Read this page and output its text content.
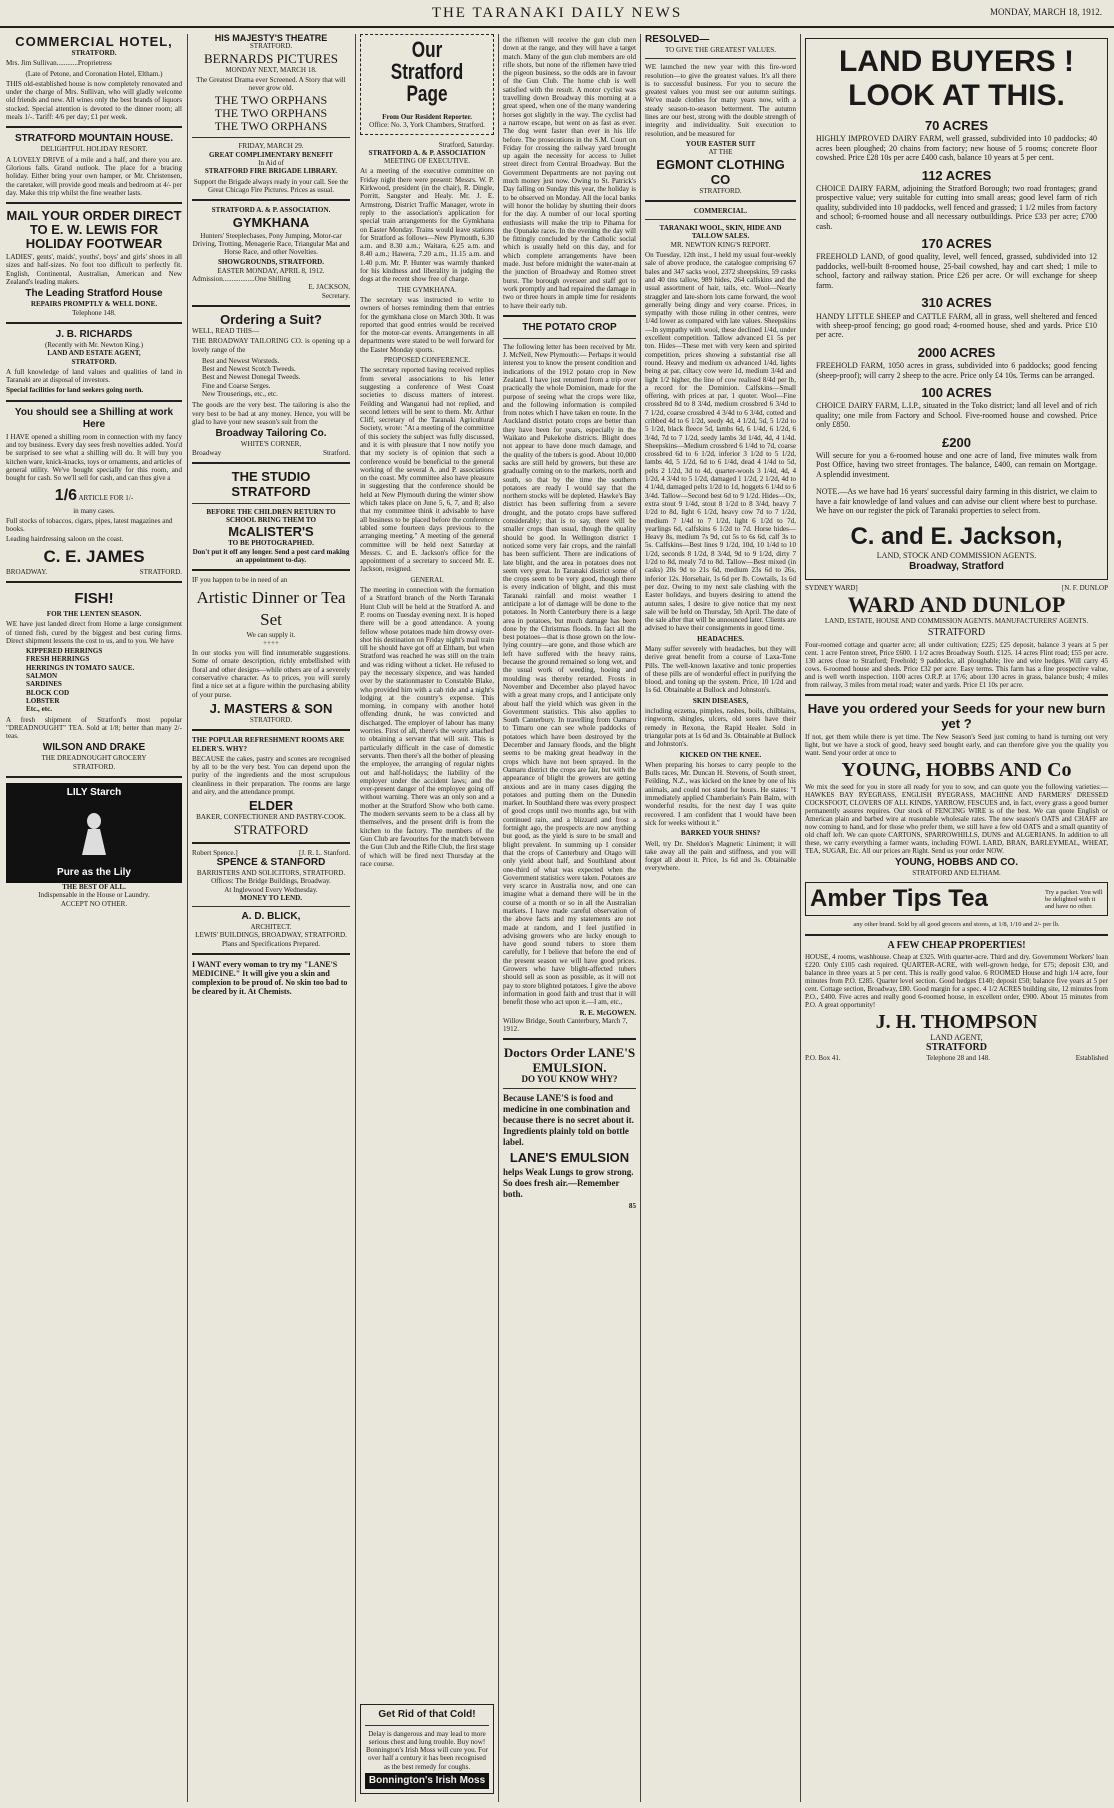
THE TARANAKI DAILY NEWS	MONDAY, MARCH 18, 1912.
COMMERCIAL HOTEL,
STRATFORD.

Mrs. Jim Sullivan............Proprietress

(Late of Petone, and Coronation Hotel, Eltham.)

THIS old-established house is now completely renovated and under the charge of Mrs. Sullivan, who will gladly welcome old friends and new. All wines only the best brands of liquors stocked. Special attention is devoted to the dinner room; all meals 1/-. Tariff: 4/6 per day; £1 per week.

STRATFORD MOUNTAIN HOUSE.
DELIGHTFUL HOLIDAY RESORT.

A LOVELY DRIVE of a mile and a half, and there you are. Glorious falls. Grand outlook. The place for a bracing holiday. Either bring your own hamper, or Mr. Christensen, the caretaker, will provide good meals and bedroom at 4/- per day. Make this trip whilst the fine weather lasts.

MAIL YOUR ORDER DIRECT TO E. W. LEWIS FOR HOLIDAY FOOTWEAR

LADIES', gents', maids', youths', boys' and girls' shoes in all sizes and half-sizes. No foot too difficult to perfectly fit. English, Continental, Australian, American and New Zealand's leading makers.

The Leading Stratford House
REPAIRS PROMPTLY & WELL DONE.
Telephone 148.
J. B. RICHARDS
(Recently with Mr. Newton King.)
LAND AND ESTATE AGENT,
STRATFORD.

A full knowledge of land values and qualities of land in Taranaki are at disposal of investors.

Special facilities for land seekers going north.

You should see a Shilling at work Here

I HAVE opened a shilling room in connection with my fancy and toy business. Every day sees fresh novelties added. You'd be surprised to see what a shilling will do. It will buy you kitchen ware, knick-knacks, toys or ornaments, and articles of general utility. We've bought specially for this room, and bought for cash. So we'll sell for cash, and can thus give a

1/6 ARTICLE FOR 1/-
in many cases.

Full stocks of tobaccos, cigars, pipes, latest magazines and books.

Leading hairdressing saloon on the coast.

C. E. JAMES
BROADWAY.	STRATFORD.
FISH!
FOR THE LENTEN SEASON.

WE have just landed direct from Home a large consignment of tinned fish, cured by the biggest and best curing firms. Direct shipment lessens the cost to us, and to you. We have

KIPPERED HERRINGS
FRESH HERRINGS
HERRINGS IN TOMATO SAUCE.
SALMON
SARDINES
BLOCK COD
LOBSTER
Etc., etc.

A fresh shipment of Stratford's most popular "DREADNOUGHT" TEA. Sold at 1/8; better than many 2/- teas.

WILSON AND DRAKE
THE DREADNOUGHT GROCERY
STRATFORD.
LILY Starch
Pure as the Lily
THE BEST OF ALL.
Indispensable in the House or Laundry.
ACCEPT NO OTHER.
HIS MAJESTY'S THEATRE
STRATFORD.
BERNARDS PICTURES
MONDAY NEXT, MARCH 18.

The Greatest Drama ever Screened. A Story that will never grow old.

THE TWO ORPHANS
THE TWO ORPHANS
THE TWO ORPHANS
FRIDAY, MARCH 29.
GREAT COMPLIMENTARY BENEFIT
In Aid of
STRATFORD FIRE BRIGADE LIBRARY.

Support the Brigade always ready in your call. See the Great Chicago Fire Pictures. Prices as usual.

STRATFORD A. & P. ASSOCIATION.
GYMKHANA

Hunters' Steeplechases, Pony Jumping, Motor-car Driving, Trotting, Menagerie Race, Triangular Mat and Horse Race, and other Novelties.

SHOWGROUNDS, STRATFORD.
EASTER MONDAY, APRIL 8, 1912.
Admission..................One Shilling
E. JACKSON,
Secretary.
Ordering a Suit?
WELL, READ THIS—

THE BROADWAY TAILORING CO. is opening up a lovely range of the

Best and Newest Worsteds.
Best and Newest Scotch Tweeds.
Best and Newest Donegal Tweeds.
Fine and Coarse Serges.
New Trouserings, etc., etc.

The goods are the very best. The tailoring is also the very best to be had at any money. Hence, you will be glad to have your new season's suit from the

Broadway Tailoring Co.
WHITE'S CORNER,
Broadway	Stratford.
THE STUDIO STRATFORD
BEFORE THE CHILDREN RETURN TO SCHOOL BRING THEM TO
McALISTER'S
TO BE PHOTOGRAPHED.
Don't put it off any longer. Send a post card making an appointment to-day.

IF you happen to be in need of an

Artistic Dinner or Tea Set
We can supply it.
++++

In our stocks you will find innumerable suggestions. Some of ornate description, richly embellished with floral and other designs—while others are of a severely conservative character. As to prices, you will surely find a nice set at a figure within the purchasing ability of your purse.

J. MASTERS & SON
STRATFORD.
THE POPULAR REFRESHMENT ROOMS ARE ELDER'S. WHY?

BECAUSE the cakes, pastry and scones are recognised by all to be the very best. You can depend upon the purity of the ingredients and the most scrupulous cleanliness in their preparation. The rooms are large and airy, and the attendance prompt.

ELDER
BAKER, CONFECTIONER AND PASTRY-COOK.
STRATFORD
Robert Spence.]	[J. R. L. Stanford.
SPENCE & STANFORD
BARRISTERS AND SOLICITORS, STRATFORD.
Offices: The Bridge Buildings, Broadway.
At Inglewood Every Wednesday.
MONEY TO LEND.
A. D. BLICK,
ARCHITECT.
LEWIS' BUILDINGS, BROADWAY, STRATFORD.
Plans and Specifications Prepared.

I WANT every woman to try my "LANE'S MEDICINE." It will give you a skin and complexion to be proud of. No skin too bad to be cleared by it. At Chemists.

Our Stratford Page
From Our Resident Reporter.
Office: No. 3, York Chambers, Stratford.
Stratford, Saturday.
STRATFORD A. & P. ASSOCIATION
MEETING OF EXECUTIVE.

At a meeting of the executive committee on Friday night there were present: Messrs. W. P. Kirkwood, president (in the chair), R. Dingle, Porritt, Sangster and Healy. Mr. J. E. Armstrong, District Traffic Manager, wrote in reply to the association's application for special train arrangements for the Gymkhana on Easter Monday. Trains would leave stations for Stratford as follows—New Plymouth, 6.30 a.m. and 8.30 a.m.; Waitara, 6.25 a.m. and 8.40 a.m.; Hawera, 7.20 a.m., 11.15 a.m. and 1.40 p.m. Mr. P. Hunter was warmly thanked for his kindness and liberality in judging the dogs at the recent show free of charge.

THE GYMKHANA.

The secretary was instructed to write to owners of horses reminding them that entries for the gymkhana close on March 30th. It was reported that good entries would be received for the motor-car events. Arrangements in all departments were stated to be well forward for the Easter Monday sports.

PROPOSED CONFERENCE.

The secretary reported having received replies from several associations to his letter suggesting a conference of West Coast societies to discuss matters of interest. Feilding and Wanganui had not replied, and second letters will be sent to them. Mr. Arthur Cliff, secretary of the Taranaki Agricultural Society, wrote: "At a meeting of the committee of this society the subject was fully discussed, and it is with pleasure that I now notify you that my society is of opinion that such a conference would be beneficial to the general working of the several A. and P. associations on the coast. My committee also have pleasure in suggesting that the conference should be held at New Plymouth during the winter show which takes place on June 5, 6, 7, and 8; also that my committee think it advisable to have all business to be placed before the conference tabled some fourteen days previous to the arranging meeting." A meeting of the general committee will be held next Saturday at Messrs. C. and E. Jackson's office for the appointment of a secretary to succeed Mr. E. Jackson, resigned.

GENERAL

The meeting in connection with the formation of a Stratford branch of the North Taranaki Hunt Club will be held at the Stratford A. and P. rooms on Tuesday evening next. It is hoped there will be a good attendance. A young fellow whose potatoes made him drowsy over-shot his destination on Friday night's mail train till he should have got off at Eltham, but when Stratford was reached he was still on the train and was riding without a ticket. He refused to pay the necessary sixpence, and was handed over by the stationmaster to Constable Blake, who provided him with a cab ride and a night's lodging at the country's expense. This morning, in company with another hotel offending drunk, he was convicted and discharged. The employer of labour has many worries. First of all, there's the worry attached to obtaining a servant that will suit. This is particularly difficult in the case of domestic servants. Then there's all the bother of pleasing the employee, the arranging of regular nights out and half-holidays; the liability of the employer under the accident laws; and the ever-present danger of the employee going off without warning. There was an only son and a mother at the Stratford Show who both came. The modern servants seem to be a class all by themselves, and the present drift is from the kitchen to the factory. The members of the Gun Club are favourites for the match between the Gun Club and the Rifle Club, the first stage of which will be fired next Thursday at the race course.

Get Rid of that Cold!

Delay is dangerous and may lead to more serious chest and lung trouble. Buy now! Bonnington's Irish Moss will cure you. For over half a century it has been recognised as the best remedy for coughs.

Bonnington's Irish Moss

the riflemen will receive the gun club men down at the range, and they will have a target match. Many of the gun club members are old rifle shots, but none of the riflemen have tried the pigeon business, so the odds are in favour of the Gun Club. The home club is well satisfied with the result. A motor cyclist was travelling down Broadway this morning at a great speed, when one of the many wandering horses got slightly in the way. The cyclist had a narrow escape, but went on as fast as ever. The dog went faster than ever in his life before. The prosecutions in the S.M. Court on Friday for crossing the railway yard brought up again the necessity for access to Juliet street direct from Central Broadway. But the Government Departments are not paying out much money just now. Owing to St. Patrick's Day falling on Sunday this year, the holiday is to be observed on Monday. All the local banks will honor the holiday by shutting their doors for the day. A number of our local sporting enthusiasts will make the trip to Pihama for the Opunake races. In the evening the day will be fittingly concluded by the Catholic social which is usually held on this day, and for which complete arrangements have been made. Just before midnight the water-main at the junction of Broadway and Romeo street burst. The borough overseer and staff got to work promptly and had repaired the damage in two or three hours in ample time for residents to have their early tub.

THE POTATO CROP

The following letter has been received by Mr. J. McNeil, New Plymouth:— Perhaps it would interest you to know the present condition and indications of the 1912 potato crop in New Zealand. I have just returned from a trip over practically the whole Dominion, made for the purpose of seeing what the crops were like, and the following information is compiled from notes which I have taken en route. In the Auckland district potato crops are better than they have been for years, especially in the Waikato and Pukekohe districts. Blight does not appear to have done much damage, and the quality of the tubers is good. About 10,000 sacks are still held by growers, but these are gradually coming on to the markets, north and south, so that by the time the southern potatoes are ready I would say that the northern stocks will be depleted. Hawke's Bay district has been suffering from a severe drought, and the potato crops have suffered considerably; that is to say, there will be smaller crops than usual, though the quality should be good. In Wellington district I noticed some very fair crops, and the rainfall has been sufficient. There are indications of late blight, and the area in potatoes does not seem very great. In Taranaki district some of the crops seem to be very good, though there is every indication of blight, and this must Taranaki rainfall and moist weather I anticipate a lot of damage will be done to the potatoes. In North Canterbury there is a large area in potatoes, but much damage has been done by the Christmas floods. In fact all the best potatoes—that is those grown on the low-lying country—are gone, and those which are left have suffered with the heavy rains, because the ground remained so long wet, and the usual work of weeding, hoeing and moulding was thereby retarded. Frosts in November and December also played havoc with a great many crops, and I anticipate only about half the yield which was given in the Government statistics. This also applies to South Canterbury. In travelling from Oamaru to Timaru one can see whole paddocks of potatoes which have been destroyed by the December and January floods, and the blight seems to be making great headway in the crops which have not been sprayed. In the Oamaru district the crops are fair, but with the appearance of blight the growers are getting anxious and are in many cases digging the potatoes and putting them on the Dunedin market. In Southland there was every prospect of good crops until two months ago, but with continued rain, and a blizzard and frost a fortnight ago, the prospects are now anything but good, as the yield is sure to be small and blight prevalent. In summing up I consider that the crops of Canterbury and Otago will only yield about half, and Southland about one-third of what was expected when the Government statistics were taken. Potatoes are very scarce in Australia now, and one can imagine what a demand there will be in the course of a month or so in all the Australian markets. I have made careful observation of the above facts and my statements are not made at random, and I feel justified in advising growers who are lucky enough to have good sound tubers to store them carefully, for I believe that before the end of the present season we will have good prices. Growers who have blight-affected tubers should sell as soon as possible, as it will not pay to store blighted potatoes. I give the above information in good faith and trust that it will benefit those who act upon it.—I am, etc.,

R. E. McGOWEN.
Willow Bridge, South Canterbury, March 7, 1912.
Doctors Order LANE'S EMULSION.
DO YOU KNOW WHY?

Because LANE'S is food and medicine in one combination and because there is no secret about it. Ingredients plainly told on bottle label.

LANE'S EMULSION

helps Weak Lungs to grow strong. So does fresh air.—Remember both.

85
RESOLVED—
TO GIVE THE GREATEST VALUES.

WE launched the new year with this fire-word resolution—to give the greatest values. It's all there is to successful business. For you to secure the greatest values you must see our autumn suitings. We've made clothes for many years now, with a steady season-to-season betterment. The autumn lines are our best, strong with the double strength of integrity and individuality. Suit execution to resolution, and be measured for

YOUR EASTER SUIT
AT THE
EGMONT CLOTHING CO
STRATFORD.
COMMERCIAL.
TARANAKI WOOL, SKIN, HIDE AND TALLOW SALES.
MR. NEWTON KING'S REPORT.

On Tuesday, 12th inst., I held my usual four-weekly sale of above produce, the catalogue comprising 67 bales and 347 sacks wool, 2372 sheepskins, 59 casks and 40 tins tallow, 989 hides, 264 calfskins and the usual assortment of hair, tails, etc. Wool—Nearly straggler and late-shorn lots came forward, the wool generally being dingy and very coarse. Prices, in sympathy with those ruling in other centres, were 1/4d lower as compared with late values. Sheepskins—In sympathy with wool, these declined 1/4d, under excellent competition. Tallow advanced £1 5s per ton. Hides—These met with very keen and spirited competition, prices showing a substantial rise all round. Heavy and medium ox advanced 1/4d, lights being at par, ciltacy cow were 1d, medium 3/4d and light 1/2 higher, the line of cow realised 8/4d per lb, a record for the Dominion. Calfskins—Small offering, with prices at par, 1 quoter. Wool—Fine crossbred 8d to 8 3/4d, medium crossbred 6 3/4d to 7 1/2d, coarse crossbred 4 3/4d to 6 3/4d, cotted and cribbed 4d to 6 1/2d, seedy 4d, 4 1/2d, 5d, 5 1/2d to 5 1/2d, black fleece 5d, lambs 6d, 6 1/4d, 6 1/2d, 6 3/4d, 7d to 7 1/2d, seedy lambs 3d 1/4d, 4d, 4 1/4d. Sheepskins—Medium crossbred 6 1/4d to 7d, coarse crossbred 6d to 6 1/2d, inferior 3 1/2d to 5 1/2d, lambs 4d, 5 1/2d, 6d to 6 1/4d, dead 4 1/4d to 5d, pelts 2 1/2d, 3d to 4d, quarter-wools 3 1/4d, 4d, 4 1/2d, 4 3/4d to 5 1/2d, damaged 1 1/2d, 2 1/2d, 4d to 4 1/4d, damaged pelts 1/2d to 1d, hoggets 6 1/4d to 6 3/4d. Tallow—Second best 6d to 9 1/2d. Hides—Ox, extra stout 9 1/4d, stout 8 1/2d to 8 3/4d, heavy 7 1/2d to 8d, light 6 1/2d, heavy cow 7d to 7 1/2d, medium 7 1/4d to 7 1/2d, light 6 1/2d to 7d, yearlings 6d, calfskins 6 1/2d to 7d. Horse hides—Heavy 8s, medium 7s 9d, cut 5s to 6s 6d, calf 3s to 5s. Calfskins—Best lines 9 1/2d, 10d, 10 1/4d to 10 1/2d, seconds 8 1/2d, 8 3/4d, 9d to 9 1/2d, dirty 7 1/2d to 8d, mealy 7d to 8d. Tallow—Best mixed (in casks) 20s 9d to 21s 6d, medium 23s 6d to 26s, inferior 12s. Horsehair, 1s 6d per lb. Cowtails, 1s 6d per doz. Owing to my next sale clashing with the Easter holidays, and buyers desiring to attend the autumn sales, I desire to give notice that my next sale will be held on Thursday, 5th April. The date of the sale after that will be announced later. Clients are advised to have their consignments in good time.

HEADACHES.

Many suffer severely with headaches, but they will derive great benefit from a course of Laxa-Tone Pills. The well-known laxative and tonic properties of these pills are of wonderful effect in purifying the blood, and toning up the system. Price, 10 1/2d and 1s 6d. Obtainable at Bullock and Johnston's.

SKIN DISEASES,

including eczema, pimples, rashes, boils, chilblains, ringworm, shingles, ulcers, old sores have their remedy in Rexona, the Rapid Healer. Sold in triangular pots at 1s 6d and 3s. Obtainable at Bullock and Johnston's.

KICKED ON THE KNEE.

When preparing his horses to carry people to the Bulls races, Mr. Duncan H. Stevens, of South street, Feilding, N.Z., was kicked on the knee by one of his animals, and could not stand for hours. He states: "I immediately applied Chamberlain's Pain Balm, with wonderful results, for the next day I was quite recovered. I am confident that I would have been sick for weeks without it."

BARKED YOUR SHINS?

Well, try Dr. Sheldon's Magnetic Liniment; it will take away all the pain and stiffness, and you will forget all about it. Price, 1s 6d and 3s. Obtainable everywhere.

LAND BUYERS !
LOOK AT THIS.
70 ACRES

HIGHLY IMPROVED DAIRY FARM, well grassed, subdivided into 10 paddocks; 40 acres been ploughed; 20 chains from factory; new house of 5 rooms; concrete floor cowshed. Price £28 10s per acre £400 cash, balance 10 years at 5 per cent.

112 ACRES

CHOICE DAIRY FARM, adjoining the Stratford Borough; two road frontages; grand prospective value; very suitable for cutting into small areas; good level farm of rich quality, subdivided into 10 paddocks, well fenced and grassed; 1 1/2 miles from factory and school; 6-roomed house and all necessary outbuildings. Price £33 per acre; £700 cash.

170 ACRES

FREEHOLD LAND, of good quality, level, well fenced, grassed, subdivided into 12 paddocks, well-built 8-roomed house, 25-bail cowshed, hay and cart shed; 1 mile to school, factory and railway station. Price £26 per acre. Or will exchange for sheep farm.

310 ACRES

HANDY LITTLE SHEEP and CATTLE FARM, all in grass, well sheltered and fenced with sheep-proof fencing; go good road; 4-roomed house, shed and yards. Price £10 per acre.

2000 ACRES

FREEHOLD FARM, 1050 acres in grass, subdivided into 6 paddocks; good fencing (sheep-proof); will carry 2 sheep to the acre. Price only £4 10s. Terms can be arranged.

100 ACRES

CHOICE DAIRY FARM, L.I.P., situated in the Toko district; land all level and of rich quality; one mile from Factory and School. Five-roomed house and cowshed. Price only £850.

£200

Will secure for you a 6-roomed house and one acre of land, five minutes walk from Post Office, having two street frontages. The balance, £400, can remain on Mortgage. A splendid investment.

NOTE.—As we have had 16 years' successful dairy farming in this district, we claim to have a fair knowledge of land values and can advise our client where best to purchase. We have on our register the pick of Taranaki properties to select from.

C. and E. Jackson,
LAND, STOCK AND COMMISSION AGENTS.
Broadway, Stratford
SYDNEY WARD]	[N. F. DUNLOP
WARD AND DUNLOP
LAND, ESTATE, HOUSE AND COMMISSION AGENTS. MANUFACTURERS' AGENTS.
STRATFORD

Four-roomed cottage and quarter acre; all under cultivation; £225; £25 deposit, balance 3 years at 5 per cent. 1 acre Fenton street, Price £600. 1 1/2 acres Broadway South. £125. 14 acres Flint road; £55 per acre. 130 acres close to Stratford; Freehold; 9 paddocks, all ploughable; live and wire hedges. Will carry 45 cows. 6-roomed house and sheds. Price £32 per acre. Easy terms. This farm has a fine prospective value, and is well worth inspection. 1100 acres O.R.P. at 17/6; about 130 acres in grass, balance bush; 4 miles from railway, 3 miles from metal road; water and yards. Price £1 10s per acre.

Have you ordered your Seeds for your new burn yet ?

If not, get them while there is yet time. The New Season's Seed just coming to hand is turning out very light, but we have a stock of good, heavy seed bought early, and can therefore give you the quality you want. Send your order at once to

YOUNG, HOBBS AND Co

We mix the seed for you in store all ready for you to sow, and can quote you the following varieties:— HAWKES BAY RYEGRASS, ENGLISH RYEGRASS, MACHINE AND FARMERS' DRESSED COCKSFOOT, CLOVERS OF ALL KINDS, YARROW, FESCUES and, in fact, every grass a good burner permanently assures requires. Our stock of FENCING WIRE is of the best. We can quote English or American plain and barbed wire at reasonable wholesale rates. The new season's OATS and CHAFF are now coming to hand, and for those who prefer them, we still have a few old OATS and a small quantity of old chaff left. We can quote CARTONS, SPARROWHILLS, DUNS and ALGERIANS. In addition to all these, we carry everything a farmer wants, including FOWL LARD, BRAN, BARLEYMEAL, WHEAT, TEA, SUGAR, Etc. All our prices are Right. Send us your order NOW.

YOUNG, HOBBS AND CO.
STRATFORD AND ELTHAM.
Amber Tips Tea	Try a packet. You will be delighted with it and have no other.
any other brand. Sold by all good grocers and stores, at 1/8, 1/10 and 2/- per lb.
A FEW CHEAP PROPERTIES!

HOUSE, 4 rooms, washhouse. Cheap at £325. With quarter-acre. Third and dry. Government Workers' loan £220. Only £105 cash required. QUARTER-ACRE, with well-grown hedge, for £75; deposit £30, and balance in three years at 5 per cent. This is really good value. 6 ROOMED House and high 1/4 acre, four minutes from P.O. £285. Quarter level section. Good hedges £140; deposit £50; balance five years at 5 per cent. Cottage section, Broadway, £80. Good margin for a spec. 4 1/2 ACRES building site, 12 minutes from P.O., £400. Five acres and really good 6-roomed house, in excellent order, £900. About 15 minutes from P.O. A great opportunity!

J. H. THOMPSON
LAND AGENT,
STRATFORD
P.O. Box 41.	Telephone 28 and 148.	Established
